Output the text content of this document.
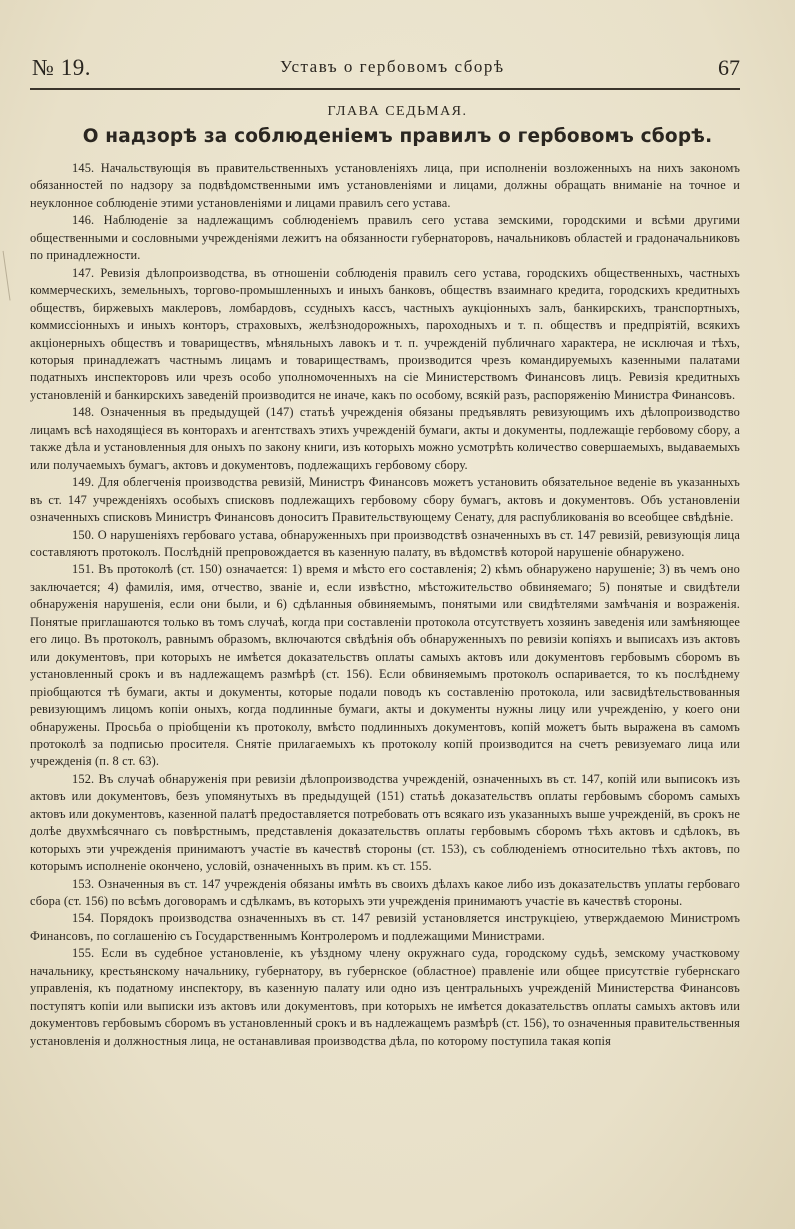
№ 19.	Уставъ о гербовомъ сборѣ	67
ГЛАВА СЕДЬМАЯ.
О надзорѣ за соблюденіемъ правилъ о гербовомъ сборѣ.

145. Начальствующія въ правительственныхъ установленіяхъ лица, при исполненіи возложенныхъ на нихъ закономъ обязанностей по надзору за подвѣдомственными имъ установленіями и лицами, должны обращать вниманіе на точное и неуклонное соблюденіе этими установленіями и лицами правилъ сего устава.

146. Наблюденіе за надлежащимъ соблюденіемъ правилъ сего устава земскими, городскими и всѣми другими общественными и сословными учрежденіями лежитъ на обязанности губернаторовъ, начальниковъ областей и градоначальниковъ по принадлежности.

147. Ревизія дѣлопроизводства, въ отношеніи соблюденія правилъ сего устава, городскихъ общественныхъ, частныхъ коммерческихъ, земельныхъ, торгово-промышленныхъ и иныхъ банковъ, обществъ взаимнаго кредита, городскихъ кредитныхъ обществъ, биржевыхъ маклеровъ, ломбардовъ, ссудныхъ кассъ, частныхъ аукціонныхъ залъ, банкирскихъ, транспортныхъ, коммиссіонныхъ и иныхъ конторъ, страховыхъ, желѣзнодорожныхъ, пароходныхъ и т. п. обществъ и предпріятій, всякихъ акціонерныхъ обществъ и товариществъ, мѣняльныхъ лавокъ и т. п. учрежденій публичнаго характера, не исключая и тѣхъ, которыя принадлежатъ частнымъ лицамъ и товариществамъ, производится чрезъ командируемыхъ казенными палатами податныхъ инспекторовъ или чрезъ особо уполномоченныхъ на сіе Министерствомъ Финансовъ лицъ. Ревизія кредитныхъ установленій и банкирскихъ заведеній производится не иначе, какъ по особому, всякій разъ, распоряженію Министра Финансовъ.

148. Означенныя въ предыдущей (147) статьѣ учрежденія обязаны предъявлять ревизующимъ ихъ дѣлопроизводство лицамъ всѣ находящіеся въ конторахъ и агентствахъ этихъ учрежденій бумаги, акты и документы, подлежащіе гербовому сбору, а также дѣла и установленныя для оныхъ по закону книги, изъ которыхъ можно усмотрѣть количество совершаемыхъ, выдаваемыхъ или получаемыхъ бумагъ, актовъ и документовъ, подлежащихъ гербовому сбору.

149. Для облегченія производства ревизій, Министръ Финансовъ можетъ установить обязательное веденіе въ указанныхъ въ ст. 147 учрежденіяхъ особыхъ списковъ подлежащихъ гербовому сбору бумагъ, актовъ и документовъ. Объ установленіи означенныхъ списковъ Министръ Финансовъ доноситъ Правительствующему Сенату, для распубликованія во всеобщее свѣдѣніе.

150. О нарушеніяхъ гербоваго устава, обнаруженныхъ при производствѣ означенныхъ въ ст. 147 ревизій, ревизующія лица составляютъ протоколъ. Послѣдній препровождается въ казенную палату, въ вѣдомствѣ которой нарушеніе обнаружено.

151. Въ протоколѣ (ст. 150) означается: 1) время и мѣсто его составленія; 2) кѣмъ обнаружено нарушеніе; 3) въ чемъ оно заключается; 4) фамилія, имя, отчество, званіе и, если извѣстно, мѣстожительство обвиняемаго; 5) понятые и свидѣтели обнаруженія нарушенія, если они были, и 6) сдѣланныя обвиняемымъ, понятыми или свидѣтелями замѣчанія и возраженія. Понятые приглашаются только въ томъ случаѣ, когда при составленіи протокола отсутствуетъ хозяинъ заведенія или замѣняющее его лицо. Въ протоколъ, равнымъ образомъ, включаются свѣдѣнія объ обнаруженныхъ по ревизіи копіяхъ и выписахъ изъ актовъ или документовъ, при которыхъ не имѣется доказательствъ оплаты самыхъ актовъ или документовъ гербовымъ сборомъ въ установленный срокъ и въ надлежащемъ размѣрѣ (ст. 156). Если обвиняемымъ протоколъ оспаривается, то къ послѣднему пріобщаются тѣ бумаги, акты и документы, которые подали поводъ къ составленію протокола, или засвидѣтельствованныя ревизующимъ лицомъ копіи оныхъ, когда подлинные бумаги, акты и документы нужны лицу или учрежденію, у коего они обнаружены. Просьба о пріобщеніи къ протоколу, вмѣсто подлинныхъ документовъ, копій можетъ быть выражена въ самомъ протоколѣ за подписью просителя. Снятіе прилагаемыхъ къ протоколу копій производится на счетъ ревизуемаго лица или учрежденія (п. 8 ст. 63).

152. Въ случаѣ обнаруженія при ревизіи дѣлопроизводства учрежденій, означенныхъ въ ст. 147, копій или выписокъ изъ актовъ или документовъ, безъ упомянутыхъ въ предыдущей (151) статьѣ доказательствъ оплаты гербовымъ сборомъ самыхъ актовъ или документовъ, казенной палатѣ предоставляется потребовать отъ всякаго изъ указанныхъ выше учрежденій, въ срокъ не долѣе двухмѣсячнаго съ повѣрстнымъ, представленія доказательствъ оплаты гербовымъ сборомъ тѣхъ актовъ и сдѣлокъ, въ которыхъ эти учрежденія принимаютъ участіе въ качествѣ стороны (ст. 153), съ соблюденіемъ относительно тѣхъ актовъ, по которымъ исполненіе окончено, условій, означенныхъ въ прим. къ ст. 155.

153. Означенныя въ ст. 147 учрежденія обязаны имѣть въ своихъ дѣлахъ какое либо изъ доказательствъ уплаты гербоваго сбора (ст. 156) по всѣмъ договорамъ и сдѣлкамъ, въ которыхъ эти учрежденія принимаютъ участіе въ качествѣ стороны.

154. Порядокъ производства означенныхъ въ ст. 147 ревизій установляется инструкціею, утверждаемою Министромъ Финансовъ, по соглашенію съ Государственнымъ Контролеромъ и подлежащими Министрами.

155. Если въ судебное установленіе, къ уѣздному члену окружнаго суда, городскому судьѣ, земскому участковому начальнику, крестьянскому начальнику, губернатору, въ губернское (областное) правленіе или общее присутствіе губернскаго управленія, къ податному инспектору, въ казенную палату или одно изъ центральныхъ учрежденій Министерства Финансовъ поступятъ копіи или выписки изъ актовъ или документовъ, при которыхъ не имѣется доказательствъ оплаты самыхъ актовъ или документовъ гербовымъ сборомъ въ установленный срокъ и въ надлежащемъ размѣрѣ (ст. 156), то означенныя правительственныя установленія и должностныя лица, не останавливая производства дѣла, по которому поступила такая копія
